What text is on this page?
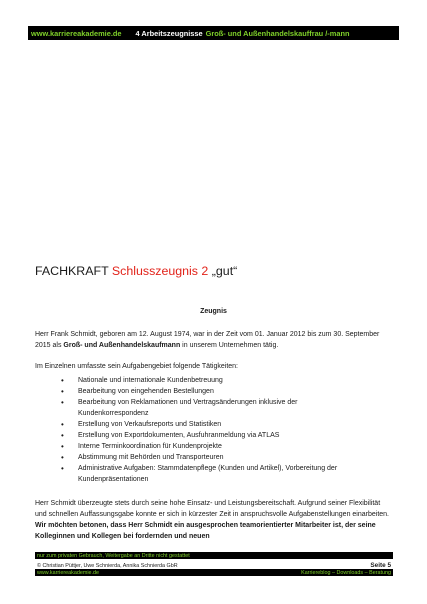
www.karriereakademie.de 4 Arbeitszeugnisse Groß- und Außenhandelskauffrau /-mann
FACHKRAFT Schlusszeugnis 2 „gut“
Zeugnis
Herr Frank Schmidt, geboren am 12. August 1974, war in der Zeit vom 01. Januar 2012 bis zum 30. September 2015 als Groß- und Außenhandelskaufmann in unserem Unternehmen tätig.
Im Einzelnen umfasste sein Aufgabengebiet folgende Tätigkeiten:
• Nationale und internationale Kundenbetreuung
• Bearbeitung von eingehenden Bestellungen
• Bearbeitung von Reklamationen und Vertragsänderungen inklusive der
Kundenkorrespondenz
• Erstellung von Verkaufsreports und Statistiken
• Erstellung von Exportdokumenten, Ausfuhranmeldung via ATLAS
• Interne Terminkoordination für Kundenprojekte
• Abstimmung mit Behörden und Transporteuren
• Administrative Aufgaben: Stammdatenpflege (Kunden und Artikel), Vorbereitung der
Kundenpräsentationen
Herr Schmidt überzeugte stets durch seine hohe Einsatz- und Leistungsbereitschaft. Aufgrund seiner Flexibilität und schnellen Auffassungsgabe konnte er sich in kürzester Zeit in anspruchsvolle Aufgabenstellungen einarbeiten. Wir möchten betonen, dass Herr Schmidt ein ausgesprochen teamorientierter Mitarbeiter ist, der seine Kolleginnen und Kollegen bei fordernden und neuen
nur zum privaten Gebrauch, Weitergabe an Dritte nicht gestattet
© Christian Püttjer, Uwe Schnierda, Annika Schnierda GbR	Seite 5
www.karriereakademie.de	Karriereblog – Downloads – Beratung
